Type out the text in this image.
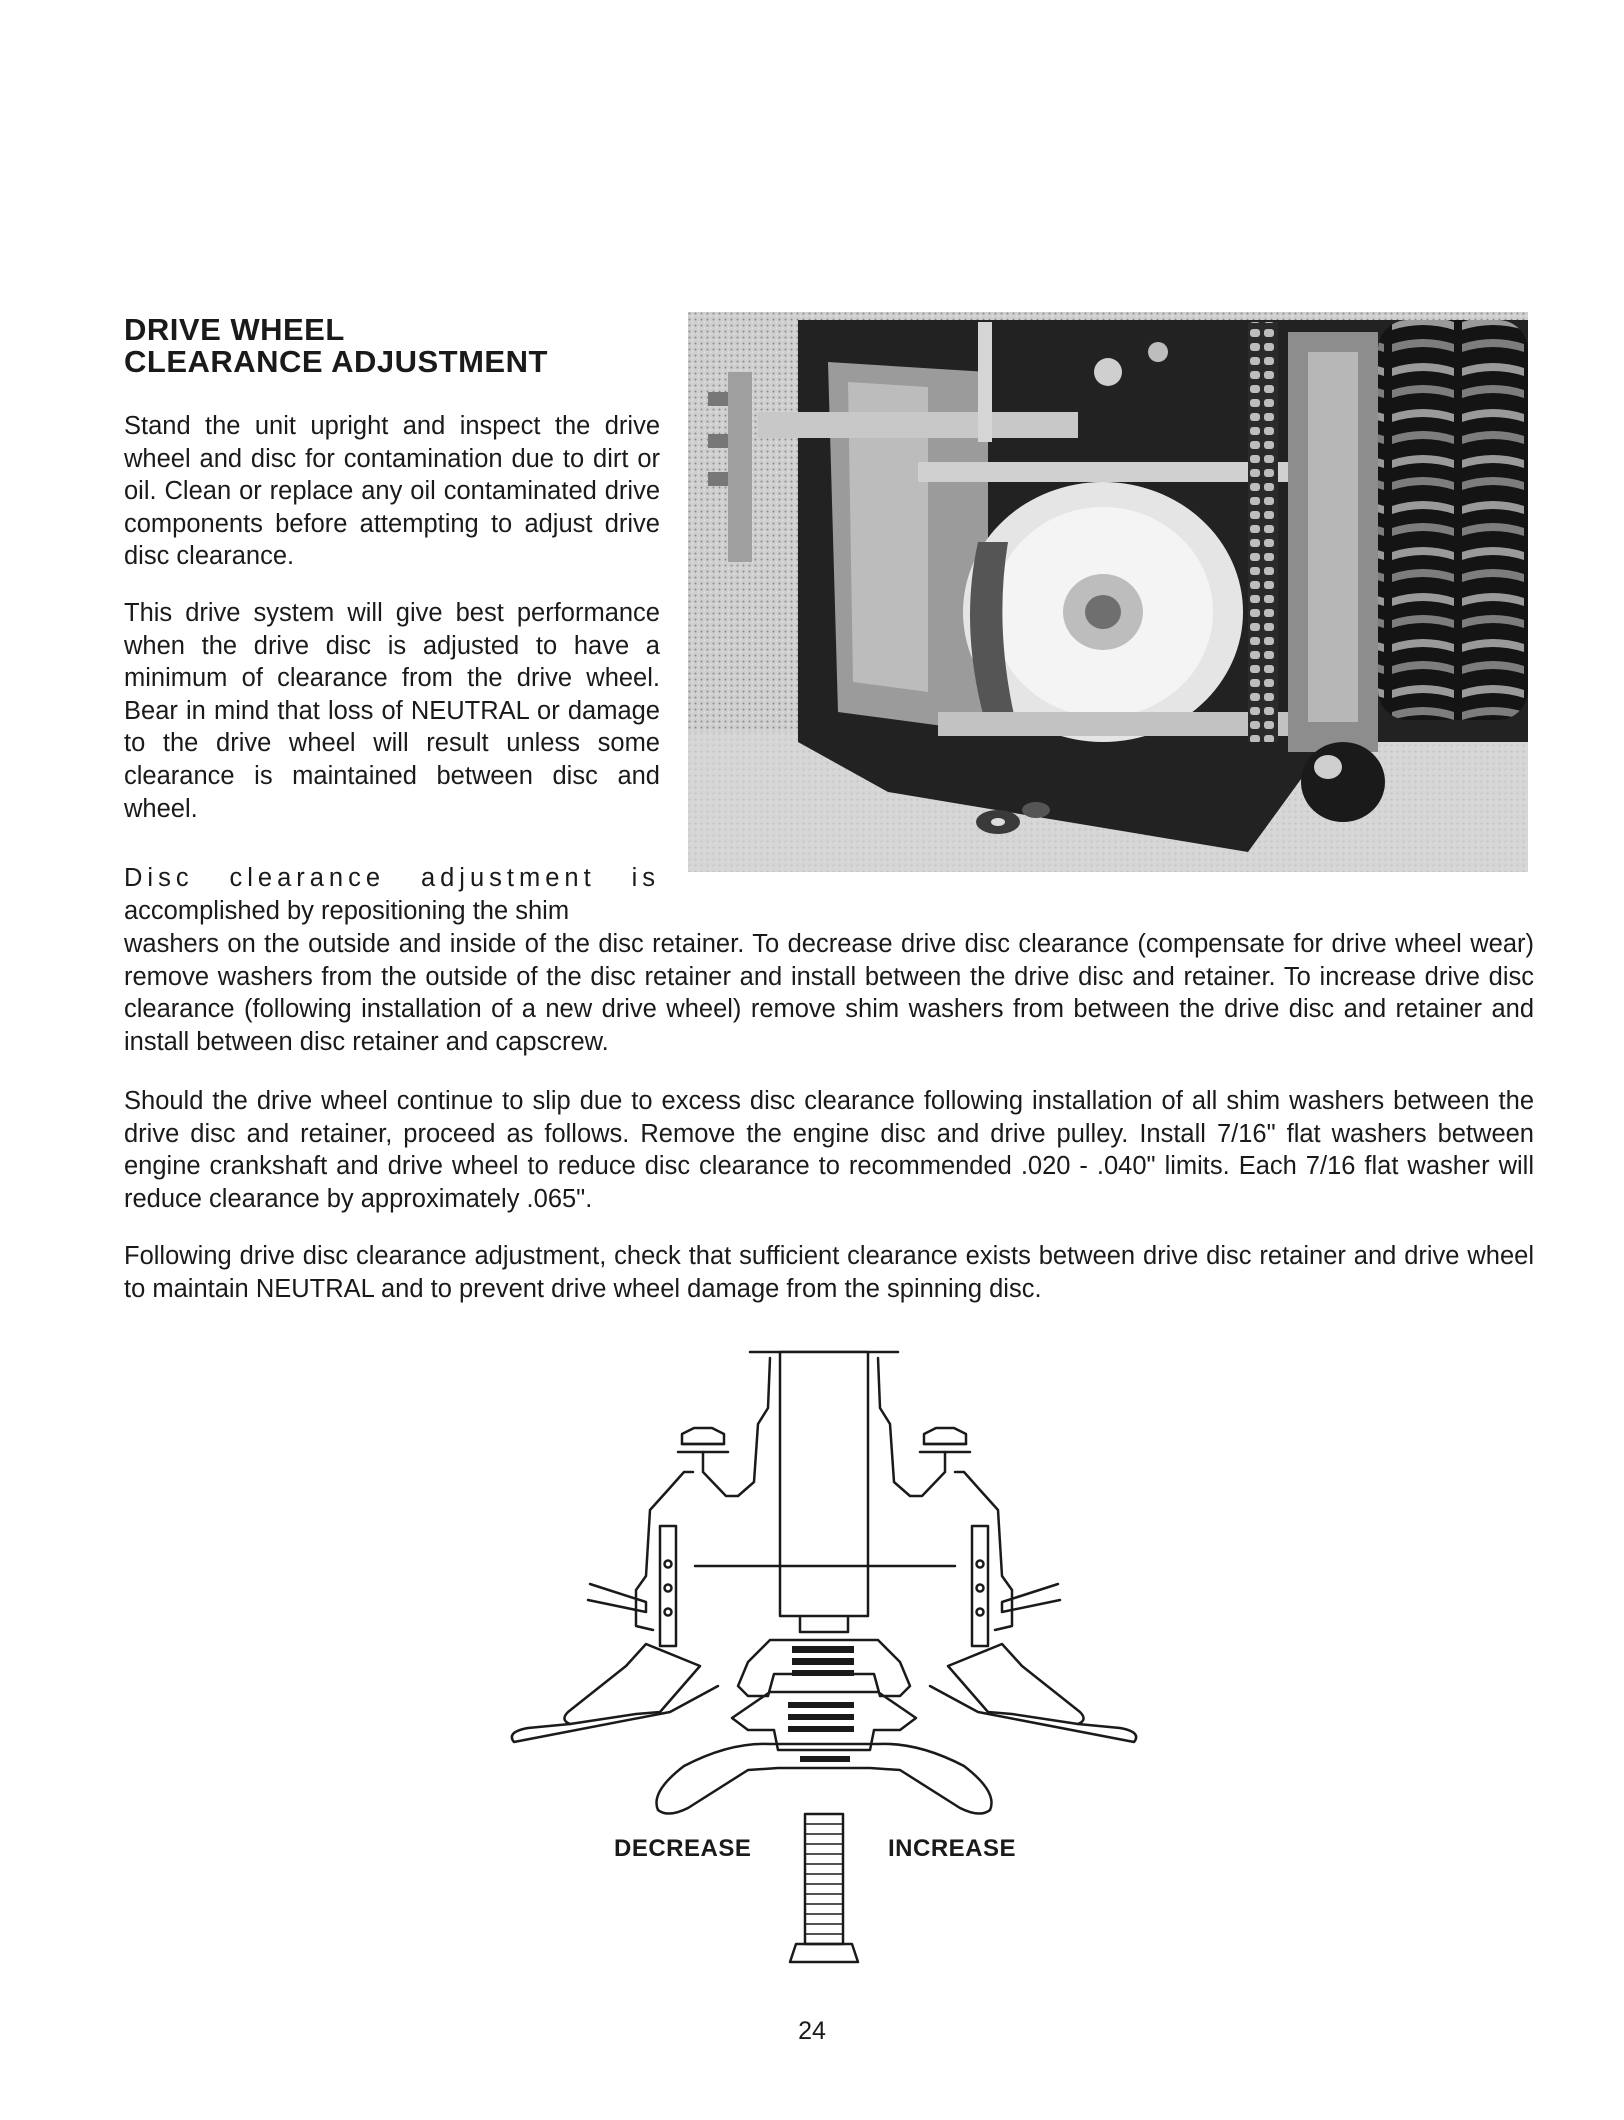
DRIVE WHEEL
CLEARANCE ADJUSTMENT

Stand the unit upright and inspect the drive wheel and disc for contamination due to dirt or oil. Clean or replace any oil contaminated drive components before attempting to adjust drive disc clearance.

This drive system will give best performance when the drive disc is adjusted to have a minimum of clearance from the drive wheel. Bear in mind that loss of NEUTRAL or damage to the drive wheel will result unless some clearance is maintained between disc and wheel.

Disc clearance adjustment is

accomplished by repositioning the shim

washers on the outside and inside of the disc retainer. To decrease drive disc clearance (compensate for drive wheel wear) remove washers from the outside of the disc retainer and install between the drive disc and retainer. To increase drive disc clearance (following installation of a new drive wheel) remove shim washers from between the drive disc and retainer and install between disc retainer and capscrew.

Should the drive wheel continue to slip due to excess disc clearance following installation of all shim washers between the drive disc and retainer, proceed as follows. Remove the engine disc and drive pulley. Install 7/16" flat washers between engine crankshaft and drive wheel to reduce disc clearance to recommended .020 - .040" limits. Each 7/16 flat washer will reduce clearance by approximately .065".

Following drive disc clearance adjustment, check that sufficient clearance exists between drive disc retainer and drive wheel to maintain NEUTRAL and to prevent drive wheel damage from the spinning disc.

DECREASE	INCREASE
24
